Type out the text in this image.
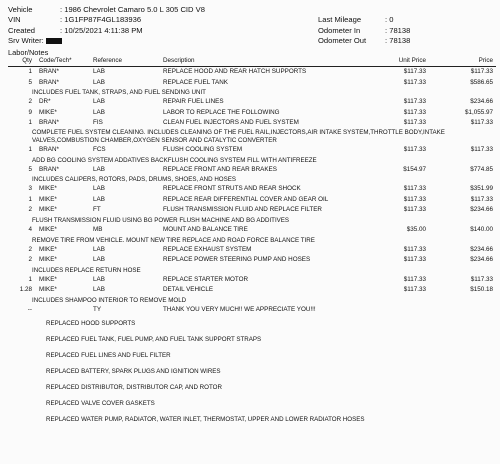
Vehicle	: 1986 Chevrolet Camaro 5.0 L 305 CID V8
VIN	: 1G1FP87F4GL183936
Created	: 10/25/2021 4:11:38 PM
Srv Writer:
Last Mileage	: 0
Odometer In	: 78138
Odometer Out : 78138
Labor/Notes
Qty Code/Tech*	Reference	Description	Unit Price	Price
1 BRAN*	LAB	REPLACE HOOD AND REAR HATCH SUPPORTS	$117.33	$117.33
5 BRAN*	LAB	REPLACE FUEL TANK	$117.33	$586.65
INCLUDES FUEL TANK, STRAPS, AND FUEL SENDING UNIT
2 DR*	LAB	REPAIR FUEL LINES	$117.33	$234.66
9 MIKE*	LAB	LABOR TO REPLACE THE FOLLOWING	$117.33	$1,055.97
1 BRAN*	FIS	CLEAN FUEL INJECTORS AND FUEL SYSTEM	$117.33	$117.33
COMPLETE FUEL SYSTEM CLEANING. INCLUDES CLEANING OF THE FUEL RAIL,INJECTORS,AIR INTAKE SYSTEM,THROTTLE BODY,INTAKE VALVES,COMBUSTION CHAMBER,OXYGEN SENSOR AND CATALYTIC CONVERTER
1 BRAN*	FCS	FLUSH COOLING SYSTEM	$117.33	$117.33
ADD BG COOLING SYSTEM ADDATIVES BACKFLUSH COOLING SYSTEM FILL WITH ANTIFREEZE
5 BRAN*	LAB	REPLACE FRONT AND REAR BRAKES	$154.97	$774.85
INCLUDES CALIPERS, ROTORS, PADS, DRUMS, SHOES, AND HOSES
3 MIKE*	LAB	REPLACE FRONT STRUTS AND REAR SHOCK	$117.33	$351.99
1 MIKE*	LAB	REPLACE REAR DIFFERENTIAL COVER AND GEAR OIL	$117.33	$117.33
2 MIKE*	FT	FLUSH TRANSMISSION FLUID AND REPLACE FILTER	$117.33	$234.66
FLUSH TRANSMISSION FLUID USING BG POWER FLUSH MACHINE AND BG ADDITIVES
4 MIKE*	MB	MOUNT AND BALANCE TIRE	$35.00	$140.00
REMOVE TIRE FROM VEHICLE. MOUNT NEW TIRE REPLACE AND ROAD FORCE BALANCE TIRE
2 MIKE*	LAB	REPLACE EXHAUST SYSTEM	$117.33	$234.66
2 MIKE*	LAB	REPLACE POWER STEERING PUMP AND HOSES	$117.33	$234.66
INCLUDES REPLACE RETURN HOSE
1 MIKE*	LAB	REPLACE STARTER MOTOR	$117.33	$117.33
1.28 MIKE*	LAB	DETAIL VEHICLE	$117.33	$150.18
INCLUDES SHAMPOO INTERIOR TO REMOVE MOLD
--	TY	THANK YOU VERY MUCH!! WE APPRECIATE YOU!!!
REPLACED HOOD SUPPORTS
REPLACED FUEL TANK, FUEL PUMP, AND FUEL TANK SUPPORT STRAPS
REPLACED FUEL LINES AND FUEL FILTER
REPLACED BATTERY, SPARK PLUGS AND IGNITION WIRES
REPLACED DISTRIBUTOR, DISTRIBUTOR CAP, AND ROTOR
REPLACED VALVE COVER GASKETS
REPLACED WATER PUMP, RADIATOR, WATER INLET, THERMOSTAT, UPPER AND LOWER RADIATOR HOSES
